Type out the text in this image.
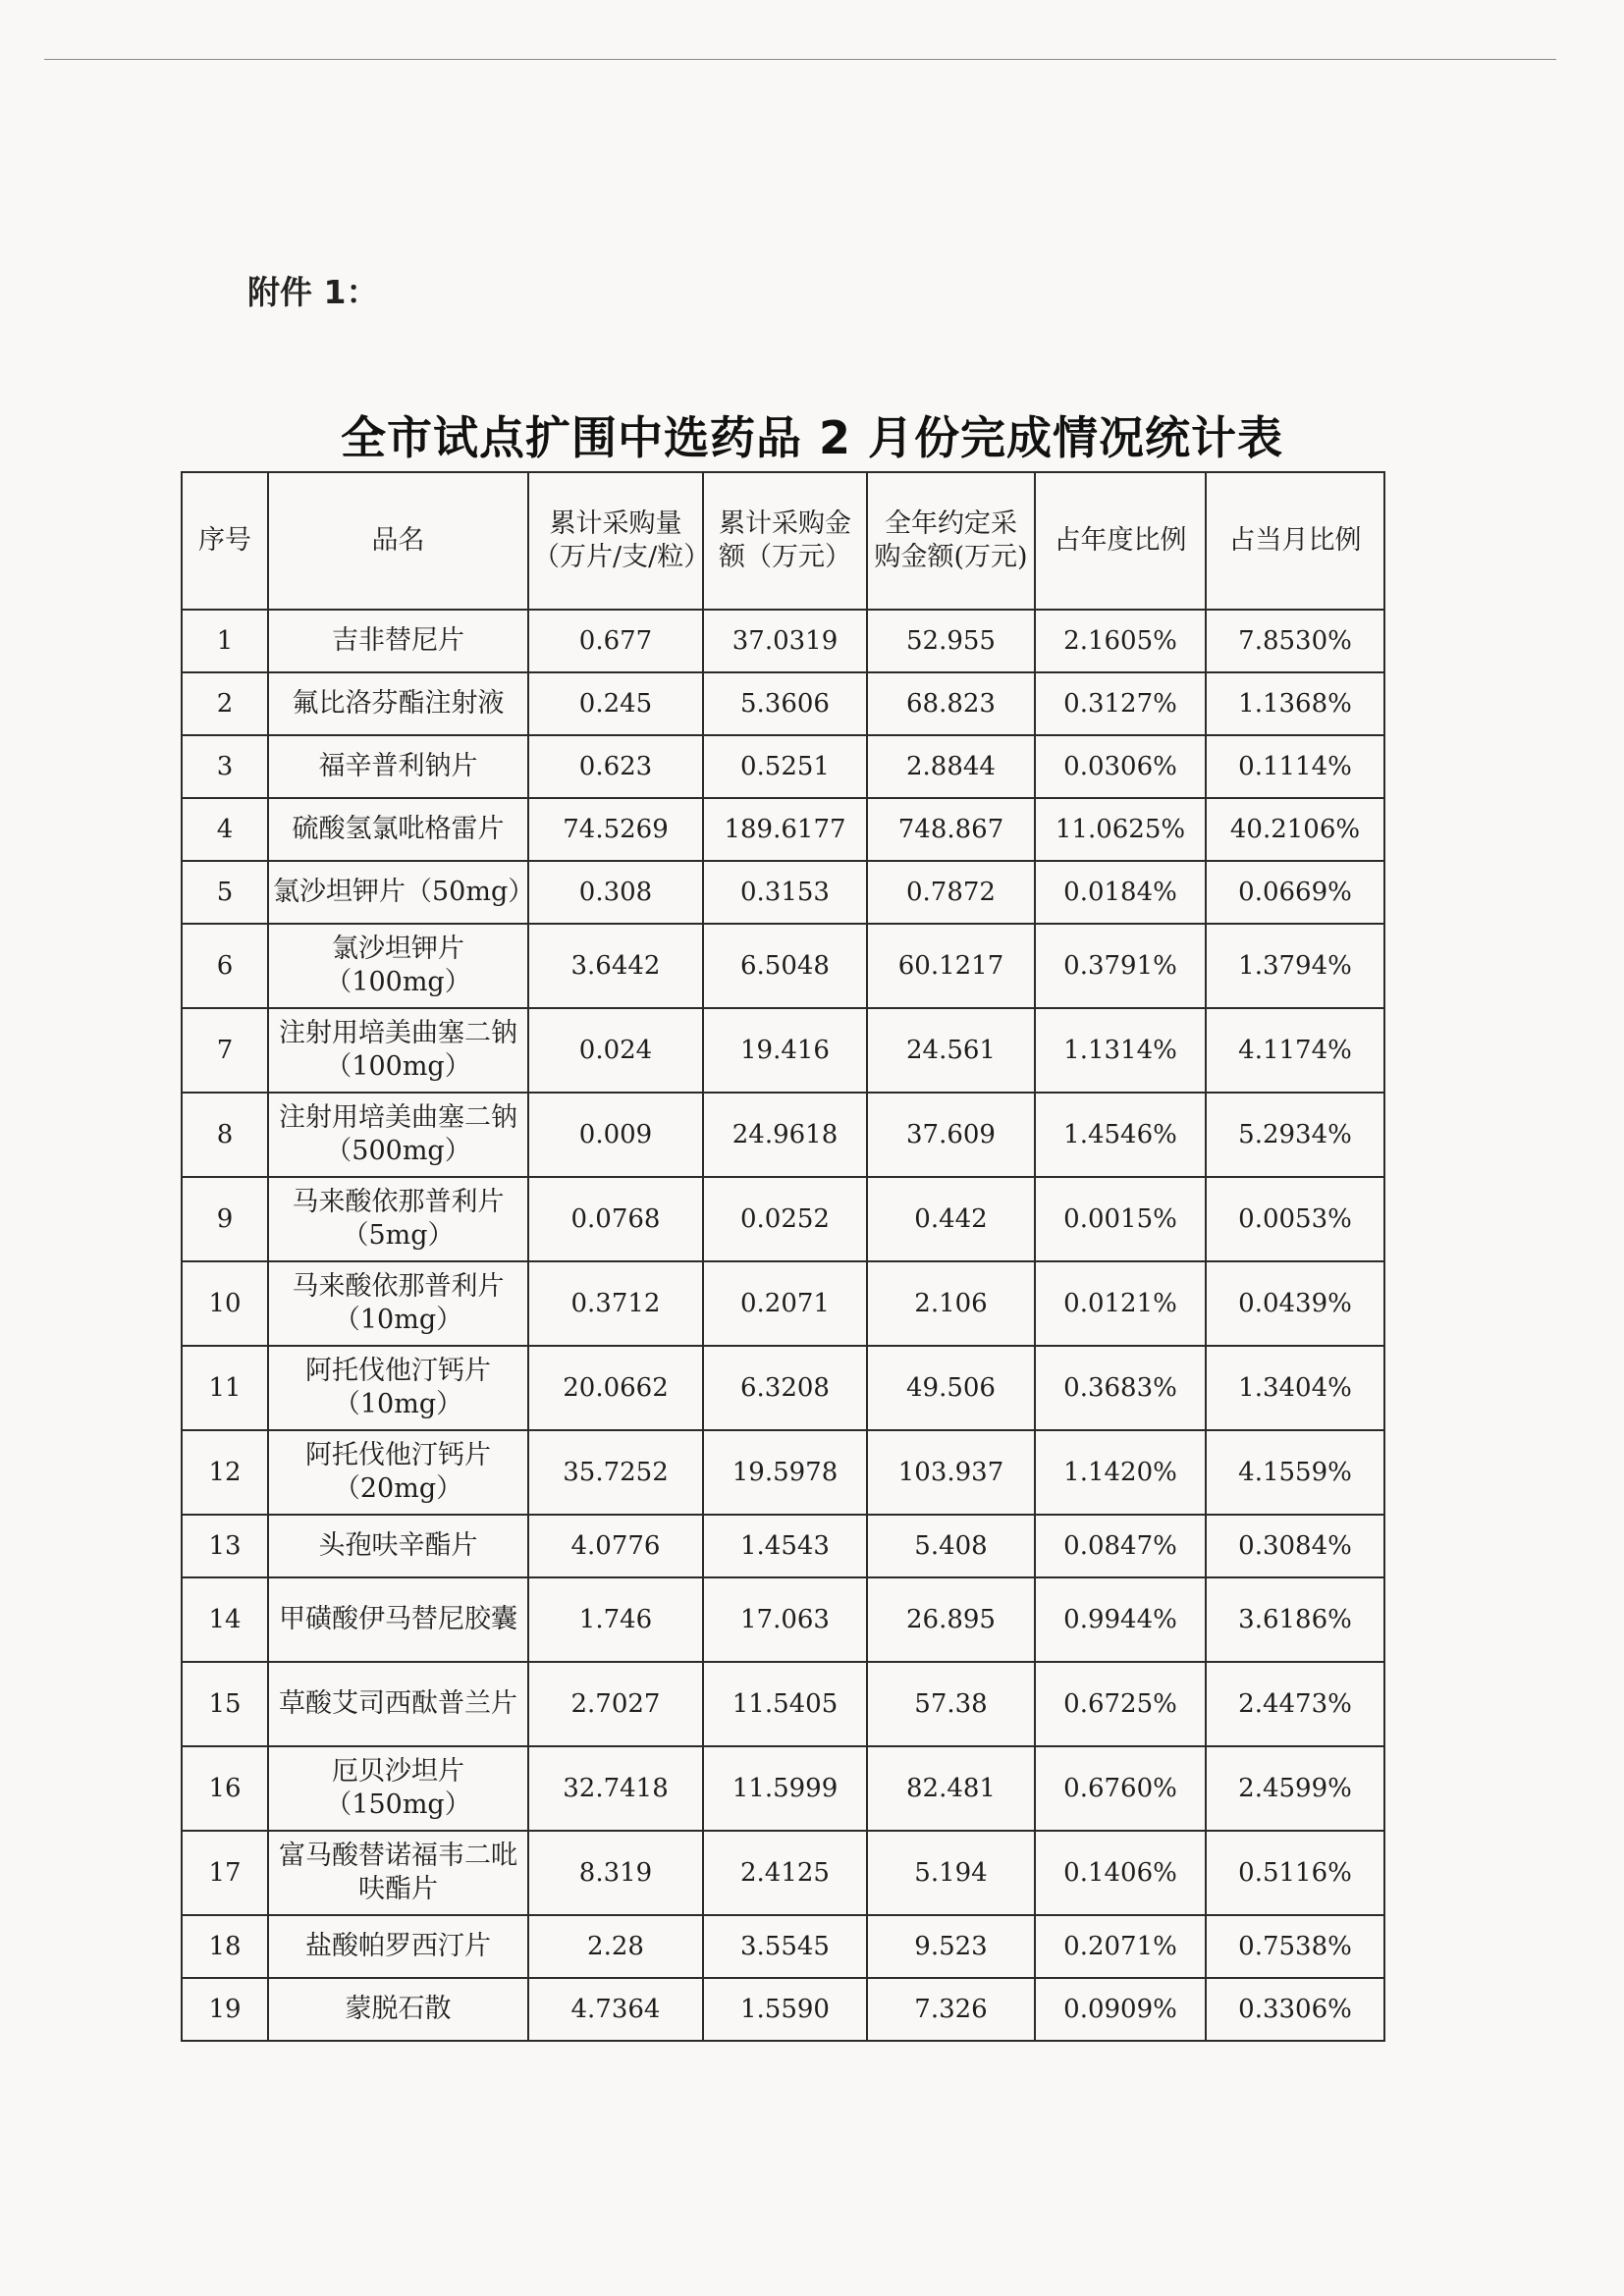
附件 1：
全市试点扩围中选药品 2 月份完成情况统计表
序号	品名	累计采购量（万片/支/粒）	累计采购金额（万元）	全年约定采购金额(万元)	占年度比例	占当月比例
1	吉非替尼片	0.677	37.0319	52.955	2.1605%	7.8530%
2	氟比洛芬酯注射液	0.245	5.3606	68.823	0.3127%	1.1368%
3	福辛普利钠片	0.623	0.5251	2.8844	0.0306%	0.1114%
4	硫酸氢氯吡格雷片	74.5269	189.6177	748.867	11.0625%	40.2106%
5	氯沙坦钾片（50mg）	0.308	0.3153	0.7872	0.0184%	0.0669%
6	氯沙坦钾片（100mg）	3.6442	6.5048	60.1217	0.3791%	1.3794%
7	注射用培美曲塞二钠（100mg）	0.024	19.416	24.561	1.1314%	4.1174%
8	注射用培美曲塞二钠（500mg）	0.009	24.9618	37.609	1.4546%	5.2934%
9	马来酸依那普利片（5mg）	0.0768	0.0252	0.442	0.0015%	0.0053%
10	马来酸依那普利片（10mg）	0.3712	0.2071	2.106	0.0121%	0.0439%
11	阿托伐他汀钙片（10mg）	20.0662	6.3208	49.506	0.3683%	1.3404%
12	阿托伐他汀钙片（20mg）	35.7252	19.5978	103.937	1.1420%	4.1559%
13	头孢呋辛酯片	4.0776	1.4543	5.408	0.0847%	0.3084%
14	甲磺酸伊马替尼胶囊	1.746	17.063	26.895	0.9944%	3.6186%
15	草酸艾司西酞普兰片	2.7027	11.5405	57.38	0.6725%	2.4473%
16	厄贝沙坦片（150mg）	32.7418	11.5999	82.481	0.6760%	2.4599%
17	富马酸替诺福韦二吡呋酯片	8.319	2.4125	5.194	0.1406%	0.5116%
18	盐酸帕罗西汀片	2.28	3.5545	9.523	0.2071%	0.7538%
19	蒙脱石散	4.7364	1.5590	7.326	0.0909%	0.3306%
